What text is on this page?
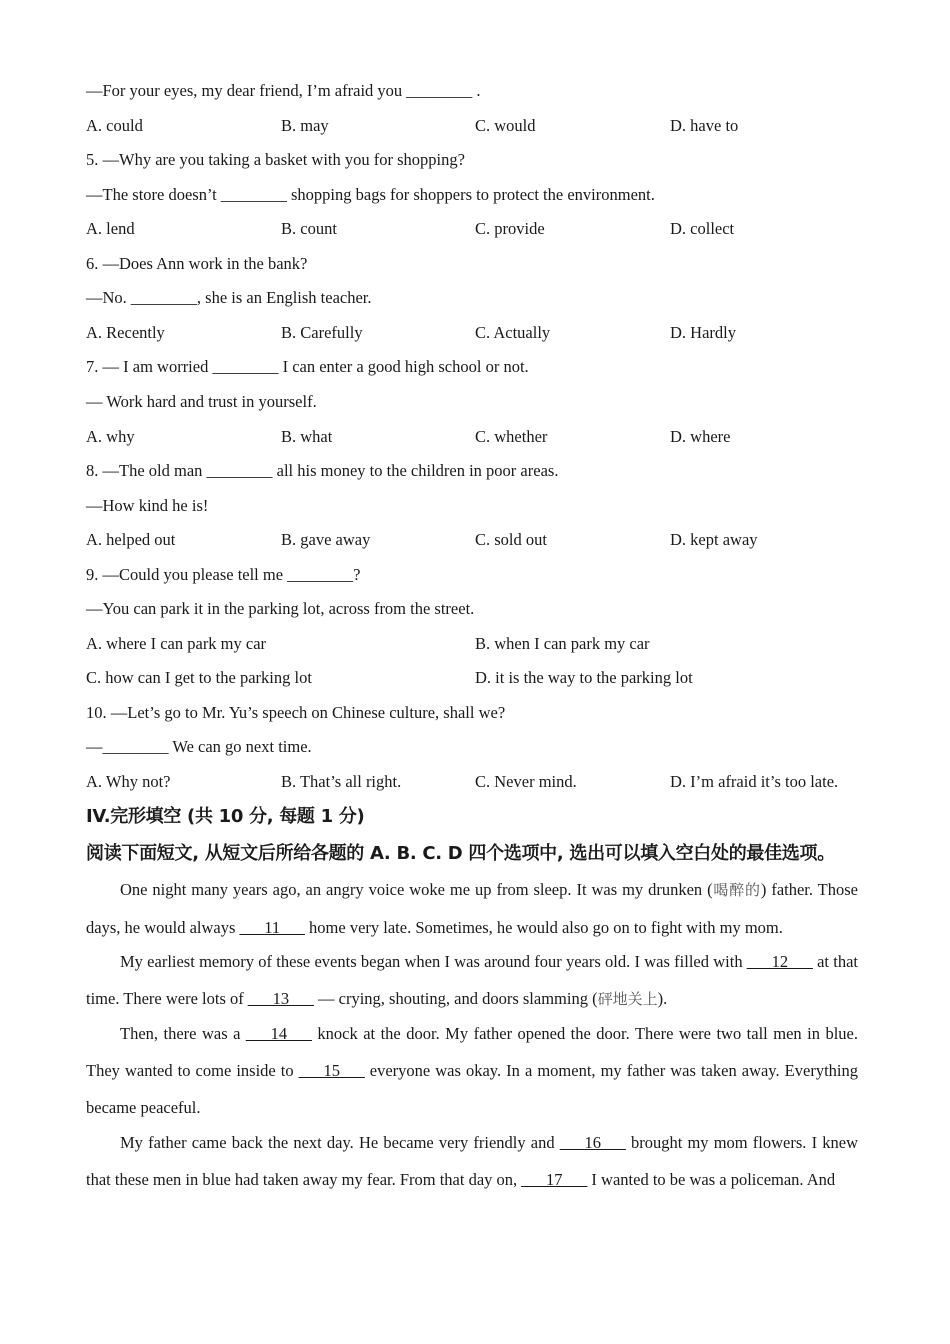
—For your eyes, my dear friend, I’m afraid you ________ .
A. could	B. may	C. would	D. have to
5. —Why are you taking a basket with you for shopping?
—The store doesn’t ________ shopping bags for shoppers to protect the environment.
A. lend	B. count	C. provide	D. collect
6. —Does Ann work in the bank?
—No. ________, she is an English teacher.
A. Recently	B. Carefully	C. Actually	D. Hardly
7. — I am worried ________ I can enter a good high school or not.
— Work hard and trust in yourself.
A. why	B. what	C. whether	D. where
8. —The old man ________ all his money to the children in poor areas.
—How kind he is!
A. helped out	B. gave away	C. sold out	D. kept away
9. —Could you please tell me ________?
—You can park it in the parking lot, across from the street.
A. where I can park my car	B. when I can park my car
C. how can I get to the parking lot	D. it is the way to the parking lot
10. —Let’s go to Mr. Yu’s speech on Chinese culture, shall we?
—________ We can go next time.
A. Why not?	B. That’s all right.	C. Never mind.	D. I’m afraid it’s too late.
IV.完形填空 (共 10 分, 每题 1 分)
阅读下面短文, 从短文后所给各题的 A. B. C. D 四个选项中, 选出可以填入空白处的最佳选项。
One night many years ago, an angry voice woke me up from sleep. It was my drunken (喝醉的) father. Those days, he would always ___11___ home very late. Sometimes, he would also go on to fight with my mom.
My earliest memory of these events began when I was around four years old. I was filled with ___12___ at that time. There were lots of ___13___ — crying, shouting, and doors slamming (砰地关上).
Then, there was a ___14___ knock at the door. My father opened the door. There were two tall men in blue. They wanted to come inside to ___15___ everyone was okay. In a moment, my father was taken away. Everything became peaceful.
My father came back the next day. He became very friendly and ___16___ brought my mom flowers. I knew that these men in blue had taken away my fear. From that day on, ___17___ I wanted to be was a policeman. And
